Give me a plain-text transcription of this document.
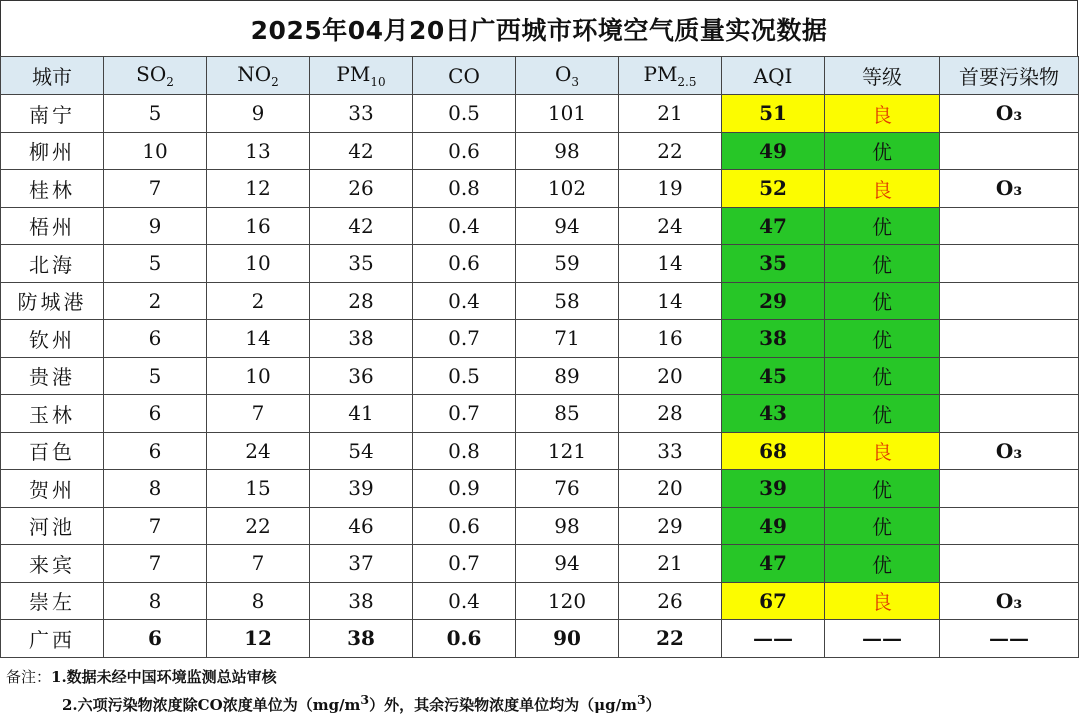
2025年04月20日广西城市环境空气质量实况数据
城市	$SO_2$	$NO_2$	$PM_{10}$	CO	$O_3$	$PM_{2.5}$	AQI	等级	首要污染物
南宁	5	9	33	0.5	101	21	51	良	O₃
柳州	10	13	42	0.6	98	22	49	优	
桂林	7	12	26	0.8	102	19	52	良	O₃
梧州	9	16	42	0.4	94	24	47	优	
北海	5	10	35	0.6	59	14	35	优	
防城港	2	2	28	0.4	58	14	29	优	
钦州	6	14	38	0.7	71	16	38	优	
贵港	5	10	36	0.5	89	20	45	优	
玉林	6	7	41	0.7	85	28	43	优	
百色	6	24	54	0.8	121	33	68	良	O₃
贺州	8	15	39	0.9	76	20	39	优	
河池	7	22	46	0.6	98	29	49	优	
来宾	7	7	37	0.7	94	21	47	优	
崇左	8	8	38	0.4	120	26	67	良	O₃
广西	6	12	38	0.6	90	22	——	——	——
备注：1.数据未经中国环境监测总站审核
2.六项污染物浓度除CO浓度单位为$(mg/m^3)$外，其余污染物浓度单位均为$(\mu g/m^3)$
